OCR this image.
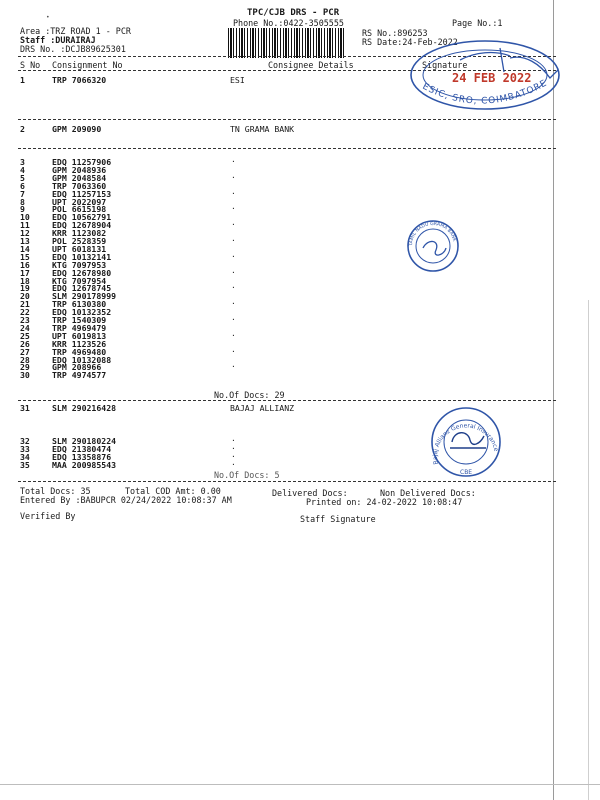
TPC/CJB DRS - PCR
Phone No.:0422-3505555	Page No.:1
Area :TRZ ROAD 1 - PCR
Staff :DURAIRAJ
DRS No. :DCJB89625301
RS No.:896253
RS Date:24-Feb-2022
S No Consignment No	Consignee Details	Signature
1	TRP 7066320	ESI
2	GPM 209090	TN GRAMA BANK
3	EDQ 11257906	·
4	GPM 2048936
5	GPM 2048584	·
6	TRP 7063360
7	EDQ 11257153	·
8	UPT 2022097
9	POL 6615198	·
10	EDQ 10562791
11	EDQ 12678904	·
12	KRR 1123082
13	POL 2528359	·
14	UPT 6018131
15	EDQ 10132141	·
16	KTG 7097953
17	EDQ 12678980	·
18	KTG 7097954
19	EDQ 12678745	·
20	SLM 290178999
21	TRP 6130380	·
22	EDQ 10132352
23	TRP 1540309	·
24	TRP 4969479
25	UPT 6019813	·
26	KRR 1123526
27	TRP 4969480	·
28	EDQ 10132088
29	GPM 208966	·
30	TRP 4974577
No.Of Docs: 29
31	SLM 290216428	BAJAJ ALLIANZ
32	SLM 290180224	·
33	EDQ 21380474	·
34	EDQ 13358876	·
35	MAA 200985543	·
No.Of Docs: 5
Total Docs: 35	Total COD Amt: 0.00	Delivered Docs:	Non Delivered Docs:
Entered By :BABUPCR 02/24/2022 10:08:37 AM	Printed on: 24-02-2022 10:08:47
Verified By	Staff Signature
ESIC, SRO, COIMBATORE
24 FEB 2022
TAMIL NADU GRAMA BANK
Bajaj Allianz General Insurance
CBE
•
